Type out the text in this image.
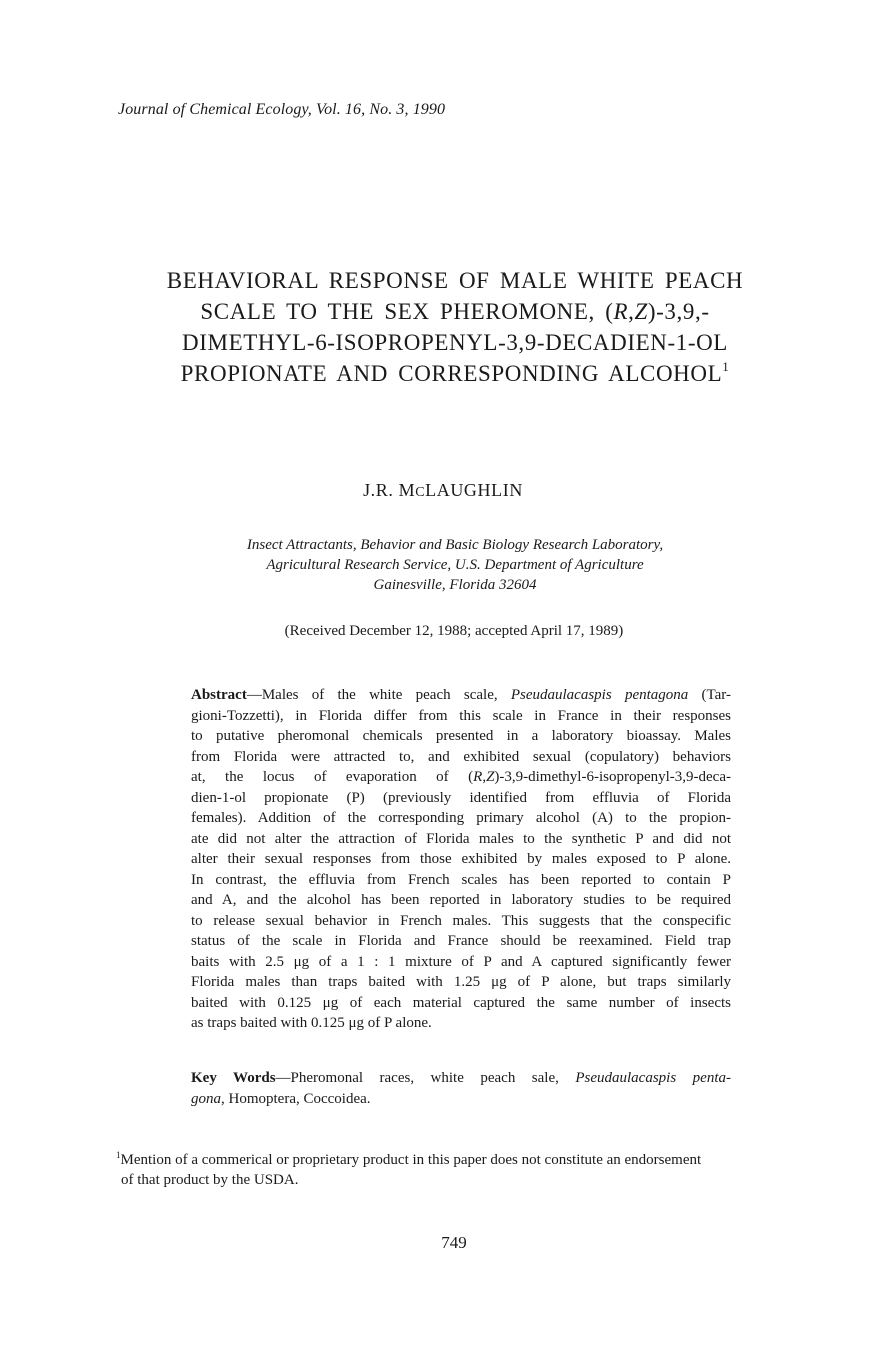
Journal of Chemical Ecology, Vol. 16, No. 3, 1990
BEHAVIORAL RESPONSE OF MALE WHITE PEACH
SCALE TO THE SEX PHEROMONE, (R,Z)-3,9,-
DIMETHYL-6-ISOPROPENYL-3,9-DECADIEN-1-OL
PROPIONATE AND CORRESPONDING ALCOHOL$^1$
J.R. MCLAUGHLIN
Insect Attractants, Behavior and Basic Biology Research Laboratory,
Agricultural Research Service, U.S. Department of Agriculture
Gainesville, Florida 32604
(Received December 12, 1988; accepted April 17, 1989)
Abstract—Males of the white peach scale, Pseudaulacaspis pentagona (Tar-
gioni-Tozzetti), in Florida differ from this scale in France in their responses
to putative pheromonal chemicals presented in a laboratory bioassay. Males
from Florida were attracted to, and exhibited sexual (copulatory) behaviors
at, the locus of evaporation of (R,Z)-3,9-dimethyl-6-isopropenyl-3,9-deca-
dien-1-ol propionate (P) (previously identified from effluvia of Florida
females). Addition of the corresponding primary alcohol (A) to the propion-
ate did not alter the attraction of Florida males to the synthetic P and did not
alter their sexual responses from those exhibited by males exposed to P alone.
In contrast, the effluvia from French scales has been reported to contain P
and A, and the alcohol has been reported in laboratory studies to be required
to release sexual behavior in French males. This suggests that the conspecific
status of the scale in Florida and France should be reexamined. Field trap
baits with 2.5 μg of a 1 : 1 mixture of P and A captured significantly fewer
Florida males than traps baited with 1.25 μg of P alone, but traps similarly
baited with 0.125 μg of each material captured the same number of insects
as traps baited with 0.125 μg of P alone.
Key Words—Pheromonal races, white peach sale, Pseudaulacaspis penta-
gona, Homoptera, Coccoidea.
$^1$Mention of a commerical or proprietary product in this paper does not constitute an endorsement
of that product by the USDA.
749
